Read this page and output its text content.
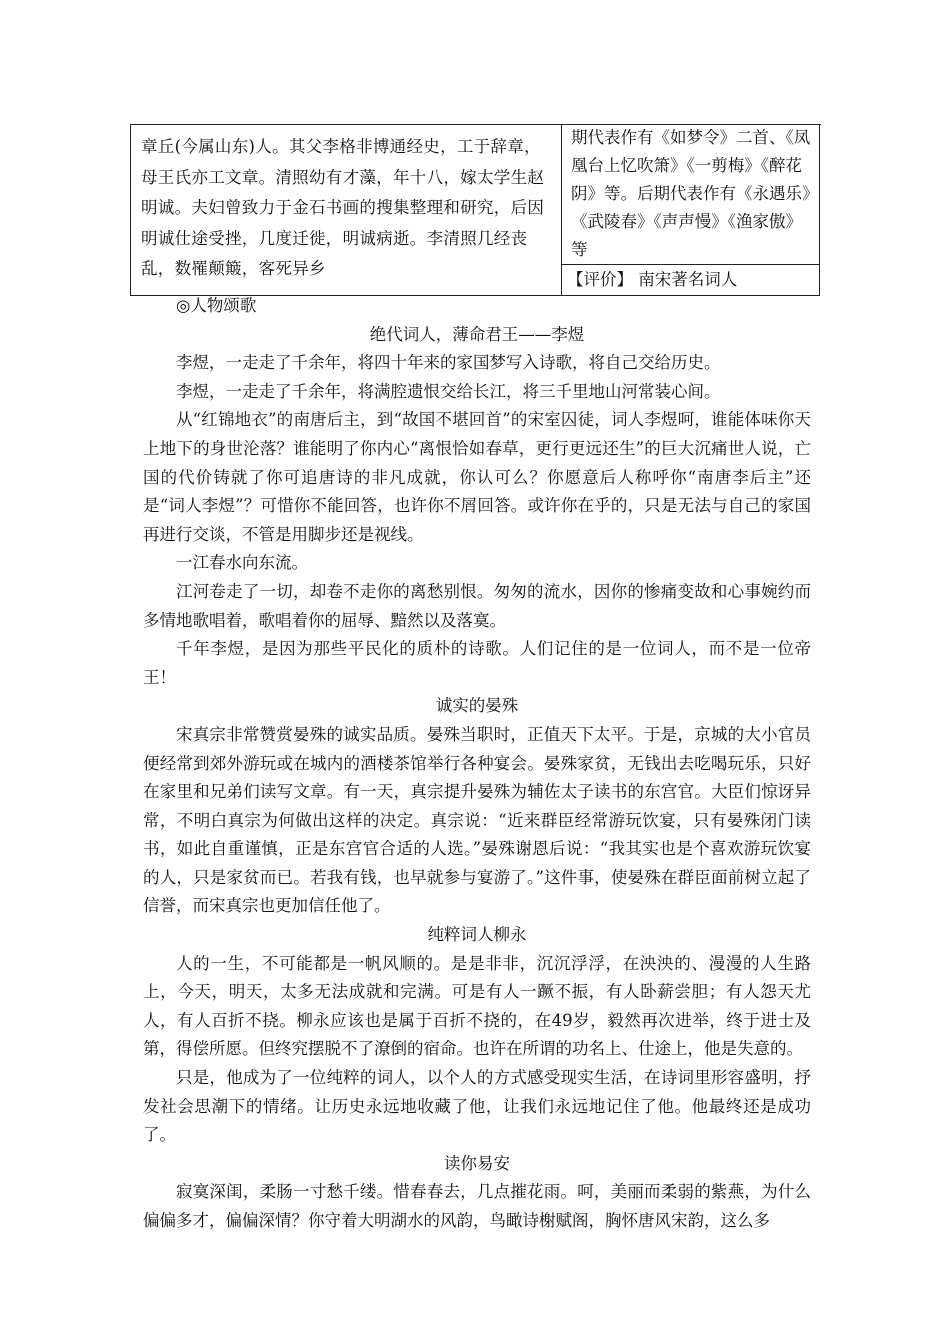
章丘(今属山东)人。其父李格非博通经史，工于辞章，母王氏亦工文章。清照幼有才藻，年十八，嫁太学生赵明诚。夫妇曾致力于金石书画的搜集整理和研究，后因明诚仕途受挫，几度迁徙，明诚病逝。李清照几经丧乱，数罹颠簸，客死异乡
期代表作有《如梦令》二首、《凤凰台上忆吹箫》《一剪梅》《醉花阴》等。后期代表作有《永遇乐》《武陵春》《声声慢》《渔家傲》等
【评价】 南宋著名词人

◎人物颂歌

绝代词人，薄命君王——李煜

李煜，一走走了千余年，将四十年来的家国梦写入诗歌，将自己交给历史。

李煜，一走走了千余年，将满腔遗恨交给长江，将三千里地山河常装心间。

从“红锦地衣”的南唐后主，到“故国不堪回首”的宋室囚徒，词人李煜呵，谁能体味你天上地下的身世沦落？谁能明了你内心“离恨恰如春草，更行更远还生”的巨大沉痛世人说，亡国的代价铸就了你可追唐诗的非凡成就，你认可么？你愿意后人称呼你“南唐李后主”还是“词人李煜”？可惜你不能回答，也许你不屑回答。或许你在乎的，只是无法与自己的家国再进行交谈，不管是用脚步还是视线。

一江春水向东流。

江河卷走了一切，却卷不走你的离愁别恨。匆匆的流水，因你的惨痛变故和心事婉约而多情地歌唱着，歌唱着你的屈辱、黯然以及落寞。

千年李煜，是因为那些平民化的质朴的诗歌。人们记住的是一位词人，而不是一位帝王！

诚实的晏殊

宋真宗非常赞赏晏殊的诚实品质。晏殊当职时，正值天下太平。于是，京城的大小官员便经常到郊外游玩或在城内的酒楼茶馆举行各种宴会。晏殊家贫，无钱出去吃喝玩乐，只好在家里和兄弟们读写文章。有一天，真宗提升晏殊为辅佐太子读书的东宫官。大臣们惊讶异常，不明白真宗为何做出这样的决定。真宗说：“近来群臣经常游玩饮宴，只有晏殊闭门读书，如此自重谨慎，正是东宫官合适的人选。”晏殊谢恩后说：“我其实也是个喜欢游玩饮宴的人，只是家贫而已。若我有钱，也早就参与宴游了。”这件事，使晏殊在群臣面前树立起了信誉，而宋真宗也更加信任他了。

纯粹词人柳永

人的一生，不可能都是一帆风顺的。是是非非，沉沉浮浮，在泱泱的、漫漫的人生路上，今天，明天，太多无法成就和完满。可是有人一蹶不振，有人卧薪尝胆；有人怨天尤人，有人百折不挠。柳永应该也是属于百折不挠的，在49岁，毅然再次进举，终于进士及第，得偿所愿。但终究摆脱不了潦倒的宿命。也许在所谓的功名上、仕途上，他是失意的。

只是，他成为了一位纯粹的词人，以个人的方式感受现实生活，在诗词里形容盛明，抒发社会思潮下的情绪。让历史永远地收藏了他，让我们永远地记住了他。他最终还是成功了。

读你易安

寂寞深闺，柔肠一寸愁千缕。惜春春去，几点摧花雨。呵，美丽而柔弱的紫燕，为什么偏偏多才，偏偏深情？你守着大明湖水的风韵，鸟瞰诗榭赋阁，胸怀唐风宋韵，这么多
